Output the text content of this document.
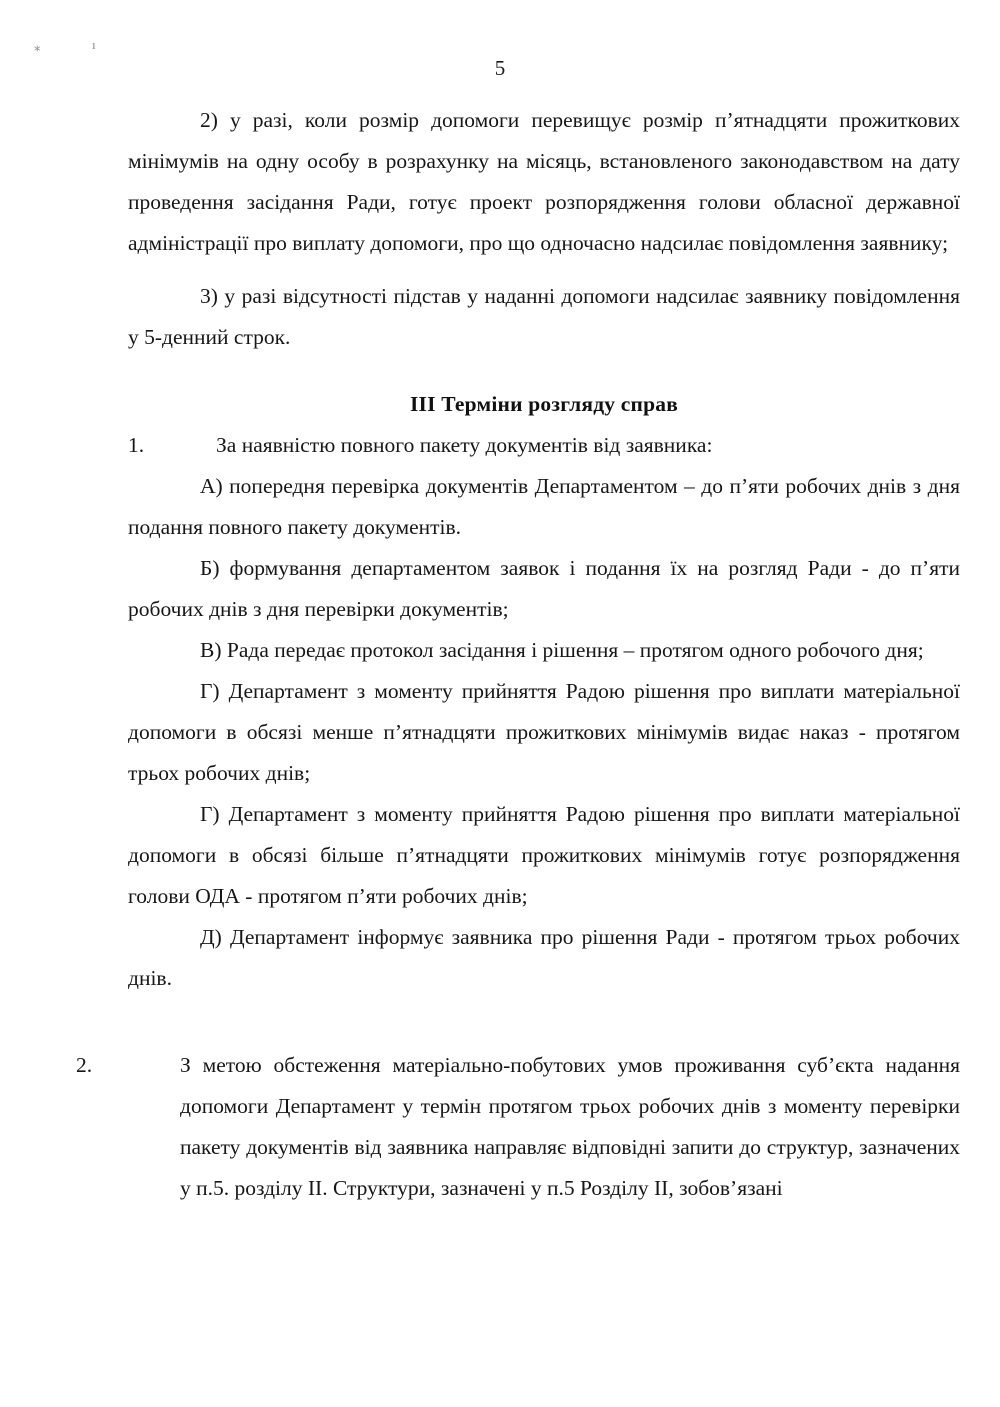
⁎	ı
5

2) у разі, коли розмір допомоги перевищує розмір п’ятнадцяти прожиткових мінімумів на одну особу в розрахунку на місяць, встановленого законодавством на дату проведення засідання Ради, готує проект розпорядження голови обласної державної адміністрації про виплату допомоги, про що одночасно надсилає повідомлення заявнику;

3) у разі відсутності підстав у наданні допомоги надсилає заявнику повідомлення у 5-денний строк.

III Терміни розгляду справ

1.	За наявністю повного пакету документів від заявника:

А) попередня перевірка документів Департаментом – до п’яти робочих днів з дня подання повного пакету документів.

Б) формування департаментом заявок і подання їх на розгляд Ради - до п’яти робочих днів з дня перевірки документів;

В) Рада передає протокол засідання і рішення – протягом одного робочого дня;

Г) Департамент з моменту прийняття Радою рішення про виплати матеріальної допомоги в обсязі менше п’ятнадцяти прожиткових мінімумів видає наказ - протягом трьох робочих днів;

Г) Департамент з моменту прийняття Радою рішення про виплати матеріальної допомоги в обсязі більше п’ятнадцяти прожиткових мінімумів готує розпорядження голови ОДА - протягом п’яти робочих днів;

Д) Департамент інформує заявника про рішення Ради - протягом трьох робочих днів.

2.	З метою обстеження матеріально-побутових умов проживання суб’єкта надання допомоги Департамент у термін протягом трьох робочих днів з моменту перевірки пакету документів від заявника направляє відповідні запити до структур, зазначених у п.5. розділу ІІ. Структури, зазначені у п.5 Розділу ІІ, зобов’язані
